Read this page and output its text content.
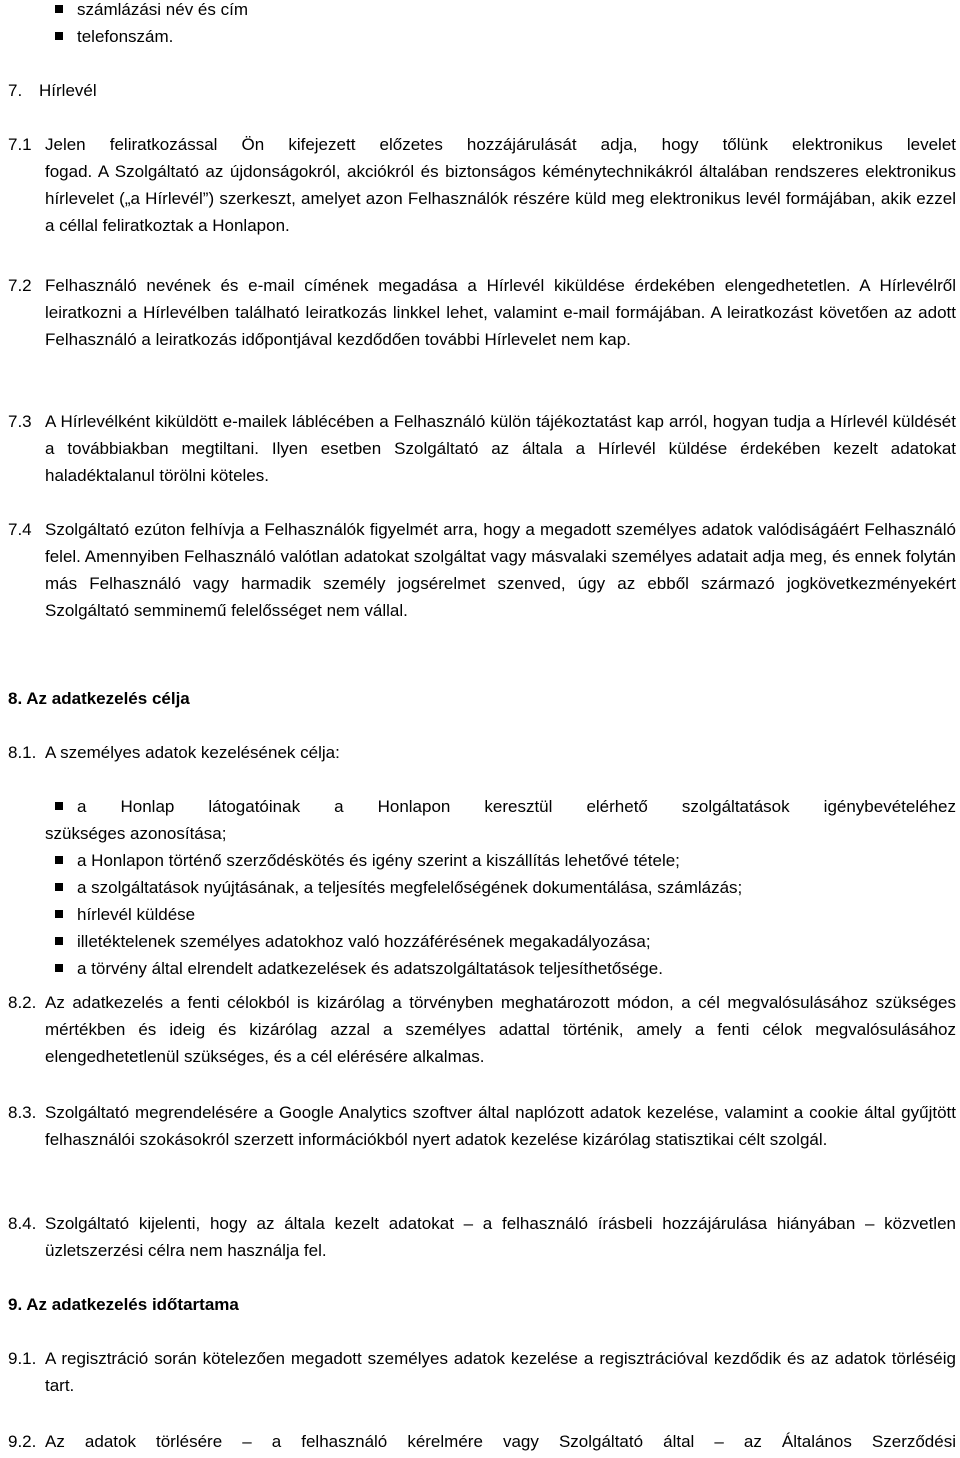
számlázási név és cím
telefonszám.
7. Hírlevél
7.1 Jelen feliratkozással Ön kifejezett előzetes hozzájárulását adja, hogy tőlünk elektronikus levelet
fogad. A Szolgáltató az újdonságokról, akciókról és biztonságos kéménytechnikákról általában rendszeres elektronikus hírlevelet („a Hírlevél”) szerkeszt, amelyet azon Felhasználók részére küld meg elektronikus levél formájában, akik ezzel a céllal feliratkoztak a Honlapon.
7.2 Felhasználó nevének és e-mail címének megadása a Hírlevél kiküldése érdekében elengedhetetlen. A Hírlevélről leiratkozni a Hírlevélben található leiratkozás linkkel lehet, valamint e-mail formájában. A leiratkozást követően az adott Felhasználó a leiratkozás időpontjával kezdődően további Hírlevelet nem kap.
7.3 A Hírlevélként kiküldött e-mailek láblécében a Felhasználó külön tájékoztatást kap arról, hogyan tudja a Hírlevél küldését a továbbiakban megtiltani. Ilyen esetben Szolgáltató az általa a Hírlevél küldése érdekében kezelt adatokat haladéktalanul törölni köteles.
7.4 Szolgáltató ezúton felhívja a Felhasználók figyelmét arra, hogy a megadott személyes adatok valódiságáért Felhasználó felel. Amennyiben Felhasználó valótlan adatokat szolgáltat vagy másvalaki személyes adatait adja meg, és ennek folytán más Felhasználó vagy harmadik személy jogsérelmet szenved, úgy az ebből származó jogkövetkezményekért Szolgáltató semminemű felelősséget nem vállal.
8. Az adatkezelés célja
8.1. A személyes adatok kezelésének célja:
a Honlap látogatóinak a Honlapon keresztül elérhető szolgáltatások igénybevételéhez
szükséges azonosítása;
a Honlapon történő szerződéskötés és igény szerint a kiszállítás lehetővé tétele;
a szolgáltatások nyújtásának, a teljesítés megfelelőségének dokumentálása, számlázás;
hírlevél küldése
illetéktelenek személyes adatokhoz való hozzáférésének megakadályozása;
a törvény által elrendelt adatkezelések és adatszolgáltatások teljesíthetősége.
8.2. Az adatkezelés a fenti célokból is kizárólag a törvényben meghatározott módon, a cél megvalósulásához szükséges mértékben és ideig és kizárólag azzal a személyes adattal történik, amely a fenti célok megvalósulásához elengedhetetlenül szükséges, és a cél elérésére alkalmas.
8.3. Szolgáltató megrendelésére a Google Analytics szoftver által naplózott adatok kezelése, valamint a cookie által gyűjtött felhasználói szokásokról szerzett információkból nyert adatok kezelése kizárólag statisztikai célt szolgál.
8.4. Szolgáltató kijelenti, hogy az általa kezelt adatokat – a felhasználó írásbeli hozzájárulása hiányában – közvetlen üzletszerzési célra nem használja fel.
9. Az adatkezelés időtartama
9.1. A regisztráció során kötelezően megadott személyes adatok kezelése a regisztrációval kezdődik és az adatok törléséig tart.
9.2. Az adatok törlésére – a felhasználó kérelmére vagy Szolgáltató által – az Általános Szerződési
